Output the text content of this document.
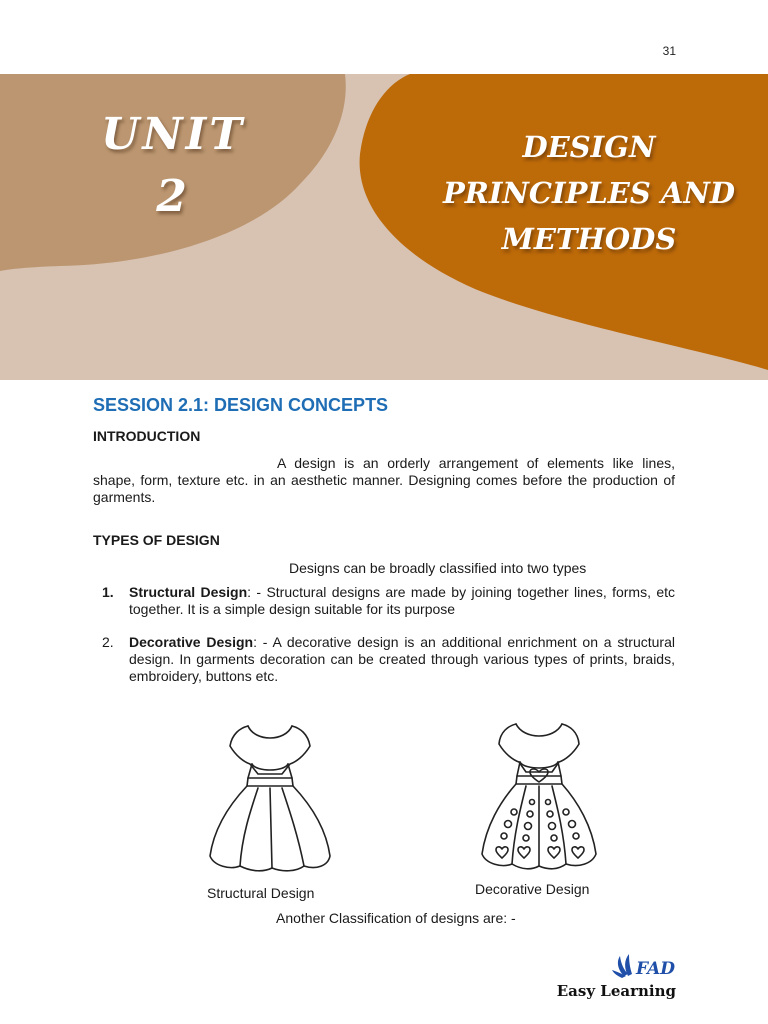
31
UNIT
2
DESIGN
PRINCIPLES AND
METHODS
SESSION 2.1: DESIGN CONCEPTS
INTRODUCTION
A design is an orderly arrangement of elements like lines, shape, form, texture etc. in an aesthetic manner. Designing comes before the production of garments.
TYPES OF DESIGN
Designs can be broadly classified into two types
1. Structural Design: - Structural designs are made by joining together lines, forms, etc together. It is a simple design suitable for its purpose
2. Decorative Design: - A decorative design is an additional enrichment on a structural design. In garments decoration can be created through various types of prints, braids, embroidery, buttons etc.
Structural Design	Decorative Design
Another Classification of designs are: -
FAD
Easy Learning
